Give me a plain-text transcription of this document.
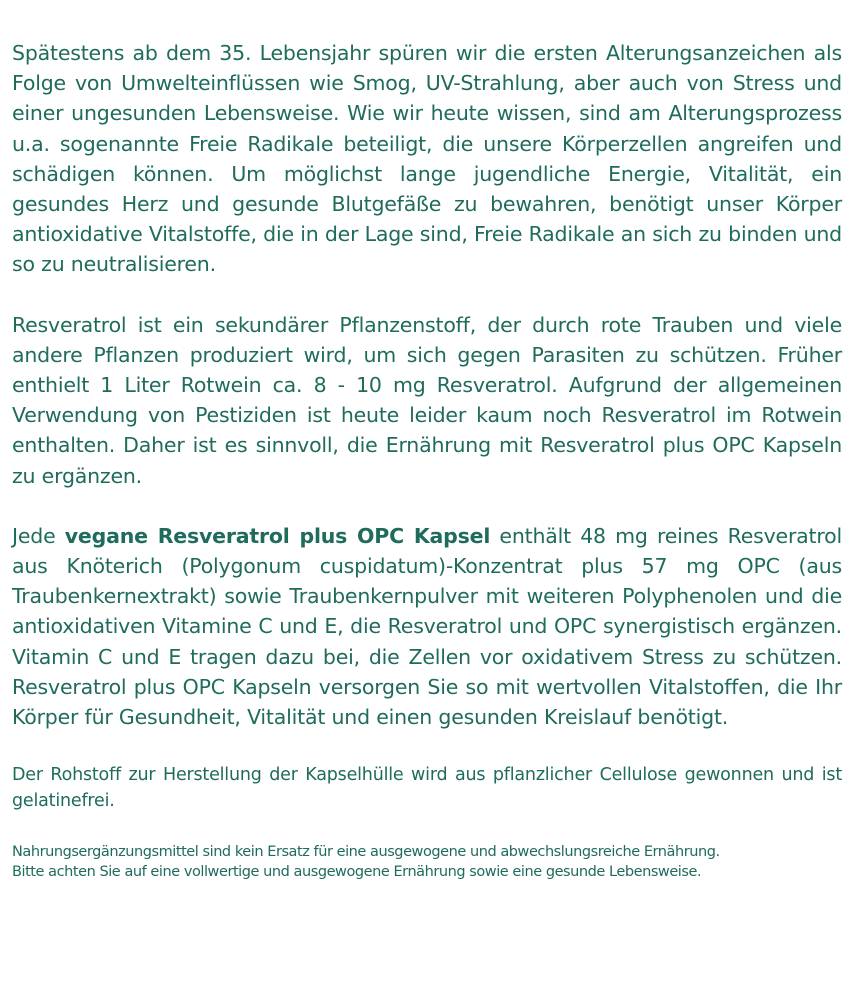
Spätestens ab dem 35. Lebensjahr spüren wir die ersten Alterungsanzeichen als Folge von Umwelteinflüssen wie Smog, UV-Strahlung, aber auch von Stress und einer ungesunden Lebensweise. Wie wir heute wissen, sind am Alterungsprozess u.a. sogenannte Freie Radikale beteiligt, die unsere Körperzellen angreifen und schädigen können. Um möglichst lange jugendliche Energie, Vitalität, ein gesundes Herz und gesunde Blutgefäße zu bewahren, benötigt unser Körper antioxidative Vitalstoffe, die in der Lage sind, Freie Radikale an sich zu binden und so zu neutralisieren.

Resveratrol ist ein sekundärer Pflanzenstoff, der durch rote Trauben und viele andere Pflanzen produziert wird, um sich gegen Parasiten zu schützen. Früher enthielt 1 Liter Rotwein ca. 8 - 10 mg Resveratrol. Aufgrund der allgemeinen Verwendung von Pestiziden ist heute leider kaum noch Resveratrol im Rotwein enthalten. Daher ist es sinnvoll, die Ernährung mit Resveratrol plus OPC Kapseln zu ergänzen.

Jede vegane Resveratrol plus OPC Kapsel enthält 48 mg reines Resveratrol aus Knöterich (Polygonum cuspidatum)-Konzentrat plus 57 mg OPC (aus Traubenkernextrakt) sowie Traubenkernpulver mit weiteren Polyphenolen und die antioxidativen Vitamine C und E, die Resveratrol und OPC synergistisch ergänzen. Vitamin C und E tragen dazu bei, die Zellen vor oxidativem Stress zu schützen. Resveratrol plus OPC Kapseln versorgen Sie so mit wertvollen Vitalstoffen, die Ihr Körper für Gesundheit, Vitalität und einen gesunden Kreislauf benötigt.

Der Rohstoff zur Herstellung der Kapselhülle wird aus pflanzlicher Cellulose gewonnen und ist gelatinefrei.

Nahrungsergänzungsmittel sind kein Ersatz für eine ausgewogene und abwechslungsreiche Ernährung.
Bitte achten Sie auf eine vollwertige und ausgewogene Ernährung sowie eine gesunde Lebensweise.
